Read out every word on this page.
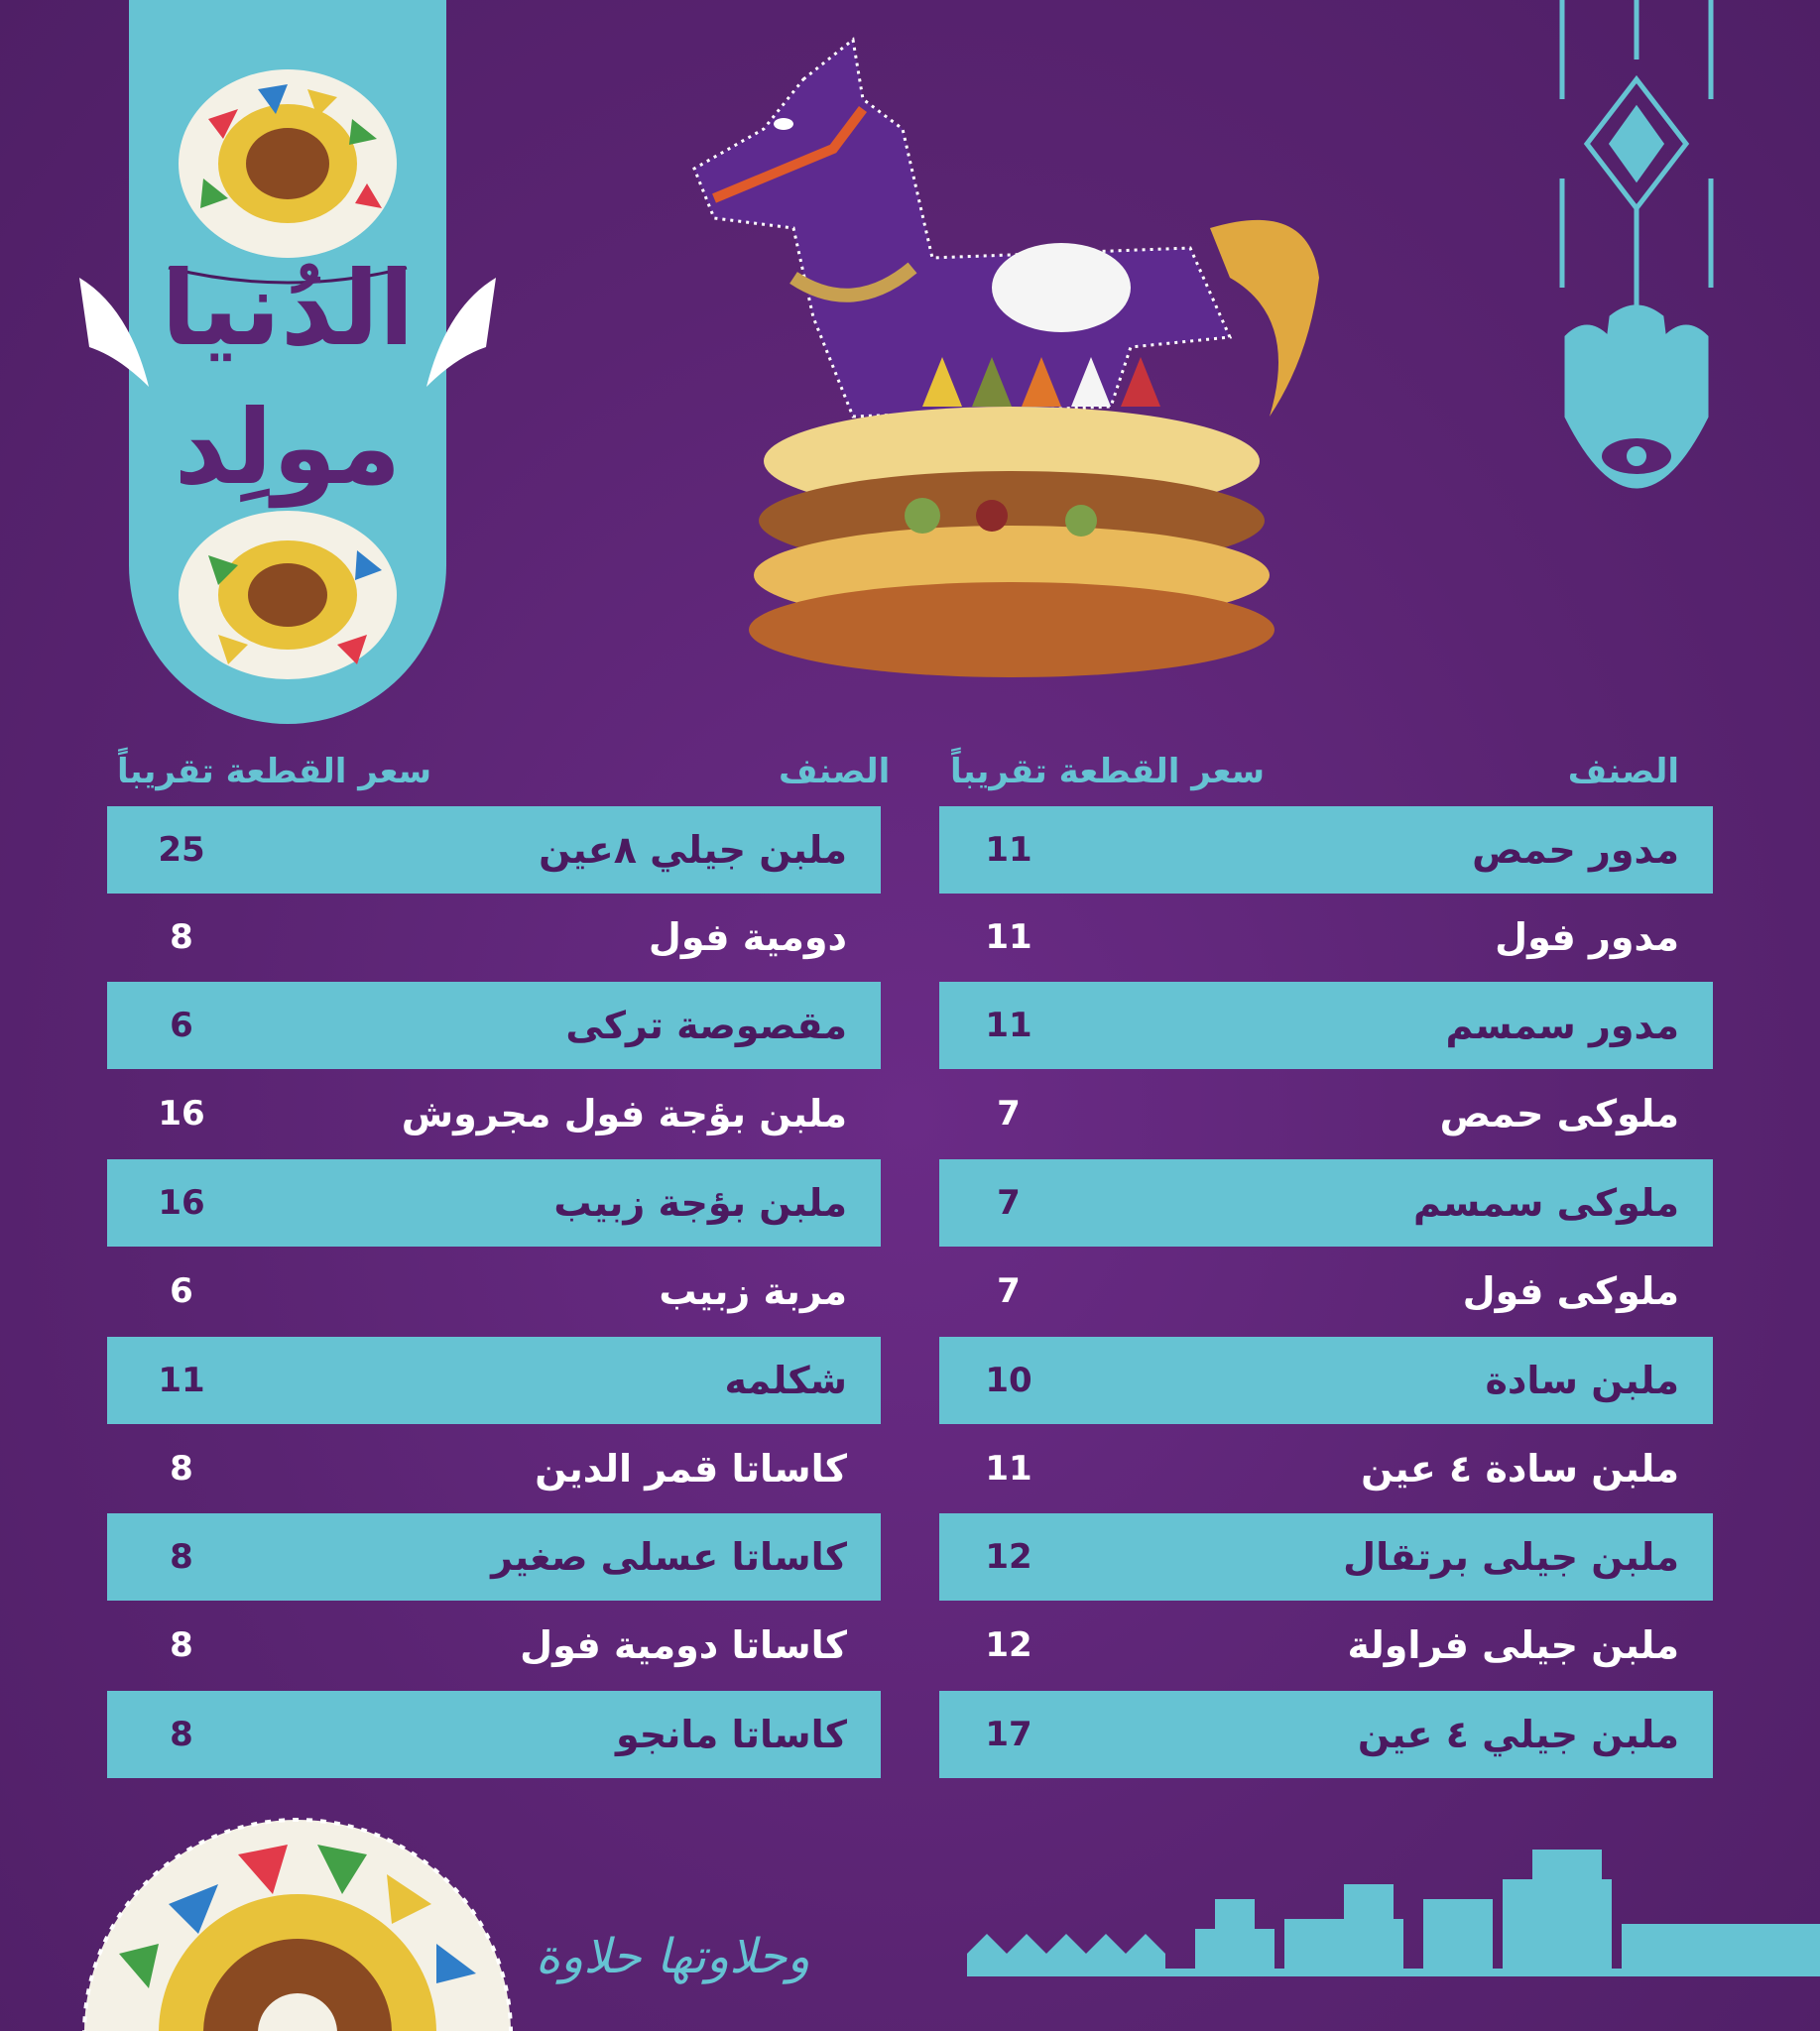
الدُنيا
مولِد
الصنف
سعر القطعة تقريباً
مدور حمص
11
مدور فول
11
مدور سمسم
11
ملوكى حمص
7
ملوكى سمسم
7
ملوكى فول
7
ملبن سادة
10
ملبن سادة ٤ عين
11
ملبن جيلى برتقال
12
ملبن جيلى فراولة
12
ملبن جيلي ٤ عين
17
الصنف
سعر القطعة تقريباً
ملبن جيلي ٨عين
25
دومية فول
8
مقصوصة تركى
6
ملبن بؤجة فول مجروش
16
ملبن بؤجة زبيب
16
مربة زبيب
6
شكلمه
11
كاساتا قمر الدين
8
كاساتا عسلى صغير
8
كاساتا دومية فول
8
كاساتا مانجو
8
وحلاوتها حلاوة
